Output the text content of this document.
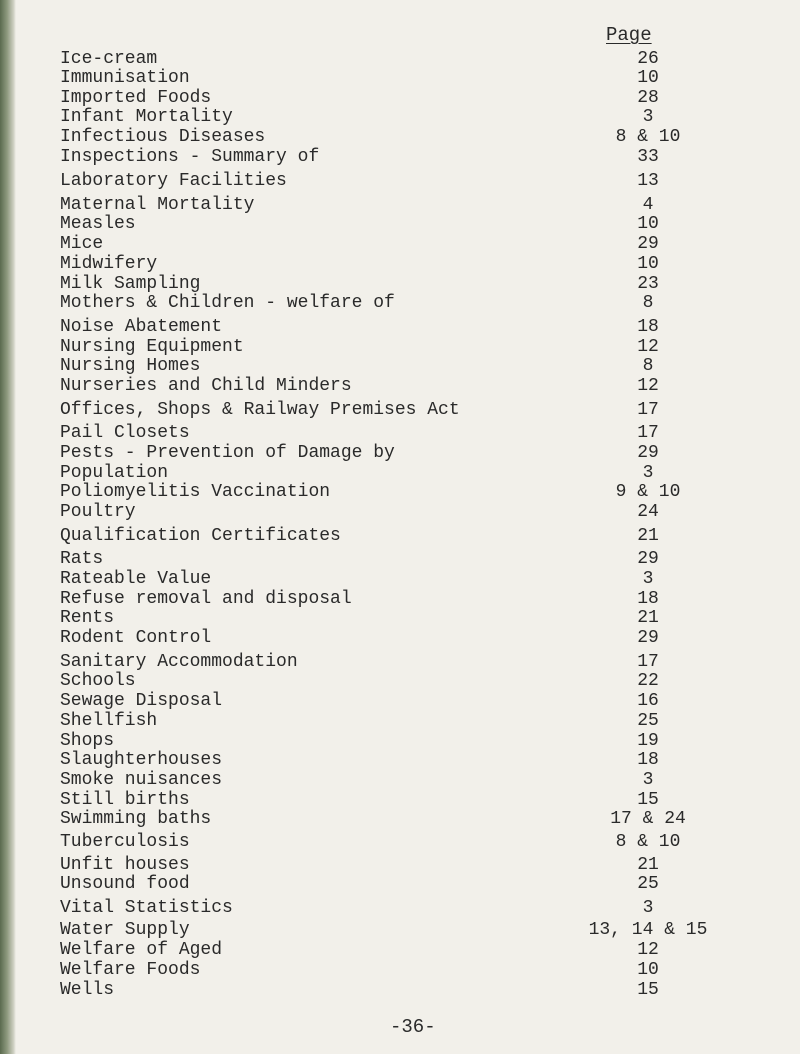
Page
Ice-cream	26
Immunisation	10
Imported Foods	28
Infant Mortality	3
Infectious Diseases	8 & 10
Inspections - Summary of	33
Laboratory Facilities	13
Maternal Mortality	4
Measles	10
Mice	29
Midwifery	10
Milk Sampling	23
Mothers & Children - welfare of	8
Noise Abatement	18
Nursing Equipment	12
Nursing Homes	8
Nurseries and Child Minders	12
Offices, Shops & Railway Premises Act	17
Pail Closets	17
Pests - Prevention of Damage by	29
Population	3
Poliomyelitis Vaccination	9 & 10
Poultry	24
Qualification Certificates	21
Rats	29
Rateable Value	3
Refuse removal and disposal	18
Rents	21
Rodent Control	29
Sanitary Accommodation	17
Schools	22
Sewage Disposal	16
Shellfish	25
Shops	19
Slaughterhouses	18
Smoke nuisances	3
Still births	15
Swimming baths	17 & 24
Tuberculosis	8 & 10
Unfit houses	21
Unsound food	25
Vital Statistics	3
Water Supply	13, 14 & 15
Welfare of Aged	12
Welfare Foods	10
Wells	15
-36-
